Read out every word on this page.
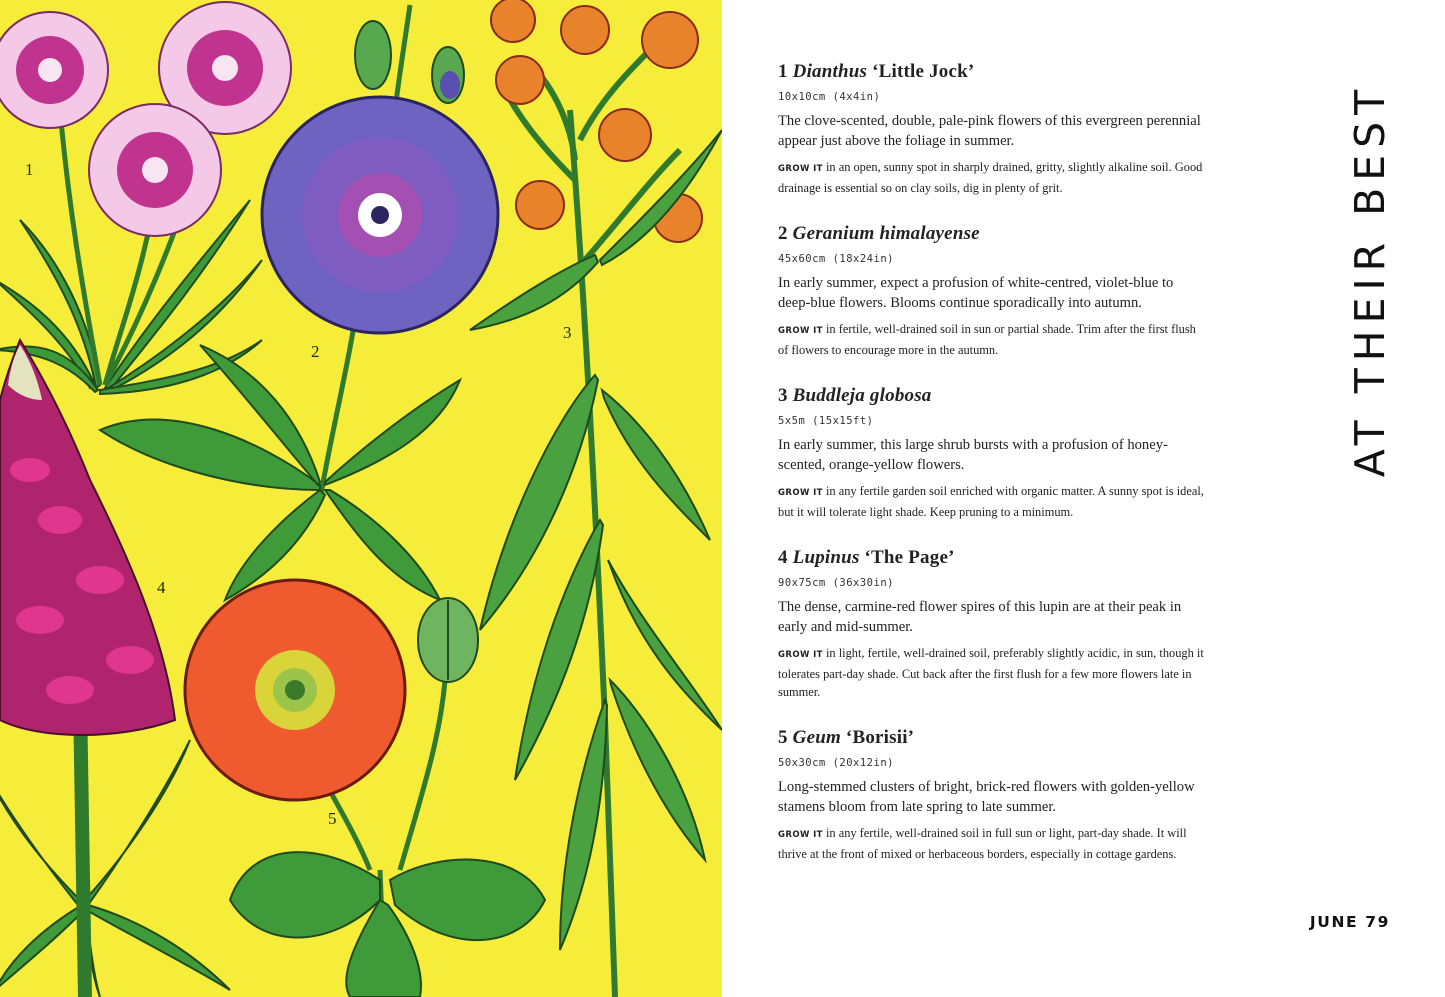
1
2
3
4
5
1 Dianthus ‘Little Jock’
10x10cm (4x4in)
The clove-scented, double, pale-pink flowers of this evergreen perennial appear just above the foliage in summer.
GROW IT in an open, sunny spot in sharply drained, gritty, slightly alkaline soil. Good drainage is essential so on clay soils, dig in plenty of grit.
2 Geranium himalayense
45x60cm (18x24in)
In early summer, expect a profusion of white-centred, violet-blue to deep-blue flowers. Blooms continue sporadically into autumn.
GROW IT in fertile, well-drained soil in sun or partial shade. Trim after the first flush of flowers to encourage more in the autumn.
3 Buddleja globosa
5x5m (15x15ft)
In early summer, this large shrub bursts with a profusion of honey-scented, orange-yellow flowers.
GROW IT in any fertile garden soil enriched with organic matter. A sunny spot is ideal, but it will tolerate light shade. Keep pruning to a minimum.
4 Lupinus ‘The Page’
90x75cm (36x30in)
The dense, carmine-red flower spires of this lupin are at their peak in early and mid-summer.
GROW IT in light, fertile, well-drained soil, preferably slightly acidic, in sun, though it tolerates part-day shade. Cut back after the first flush for a few more flowers late in summer.
5 Geum ‘Borisii’
50x30cm (20x12in)
Long-stemmed clusters of bright, brick-red flowers with golden-yellow stamens bloom from late spring to late summer.
GROW IT in any fertile, well-drained soil in full sun or light, part-day shade. It will thrive at the front of mixed or herbaceous borders, especially in cottage gardens.
AT THEIR BEST
JUNE 79
